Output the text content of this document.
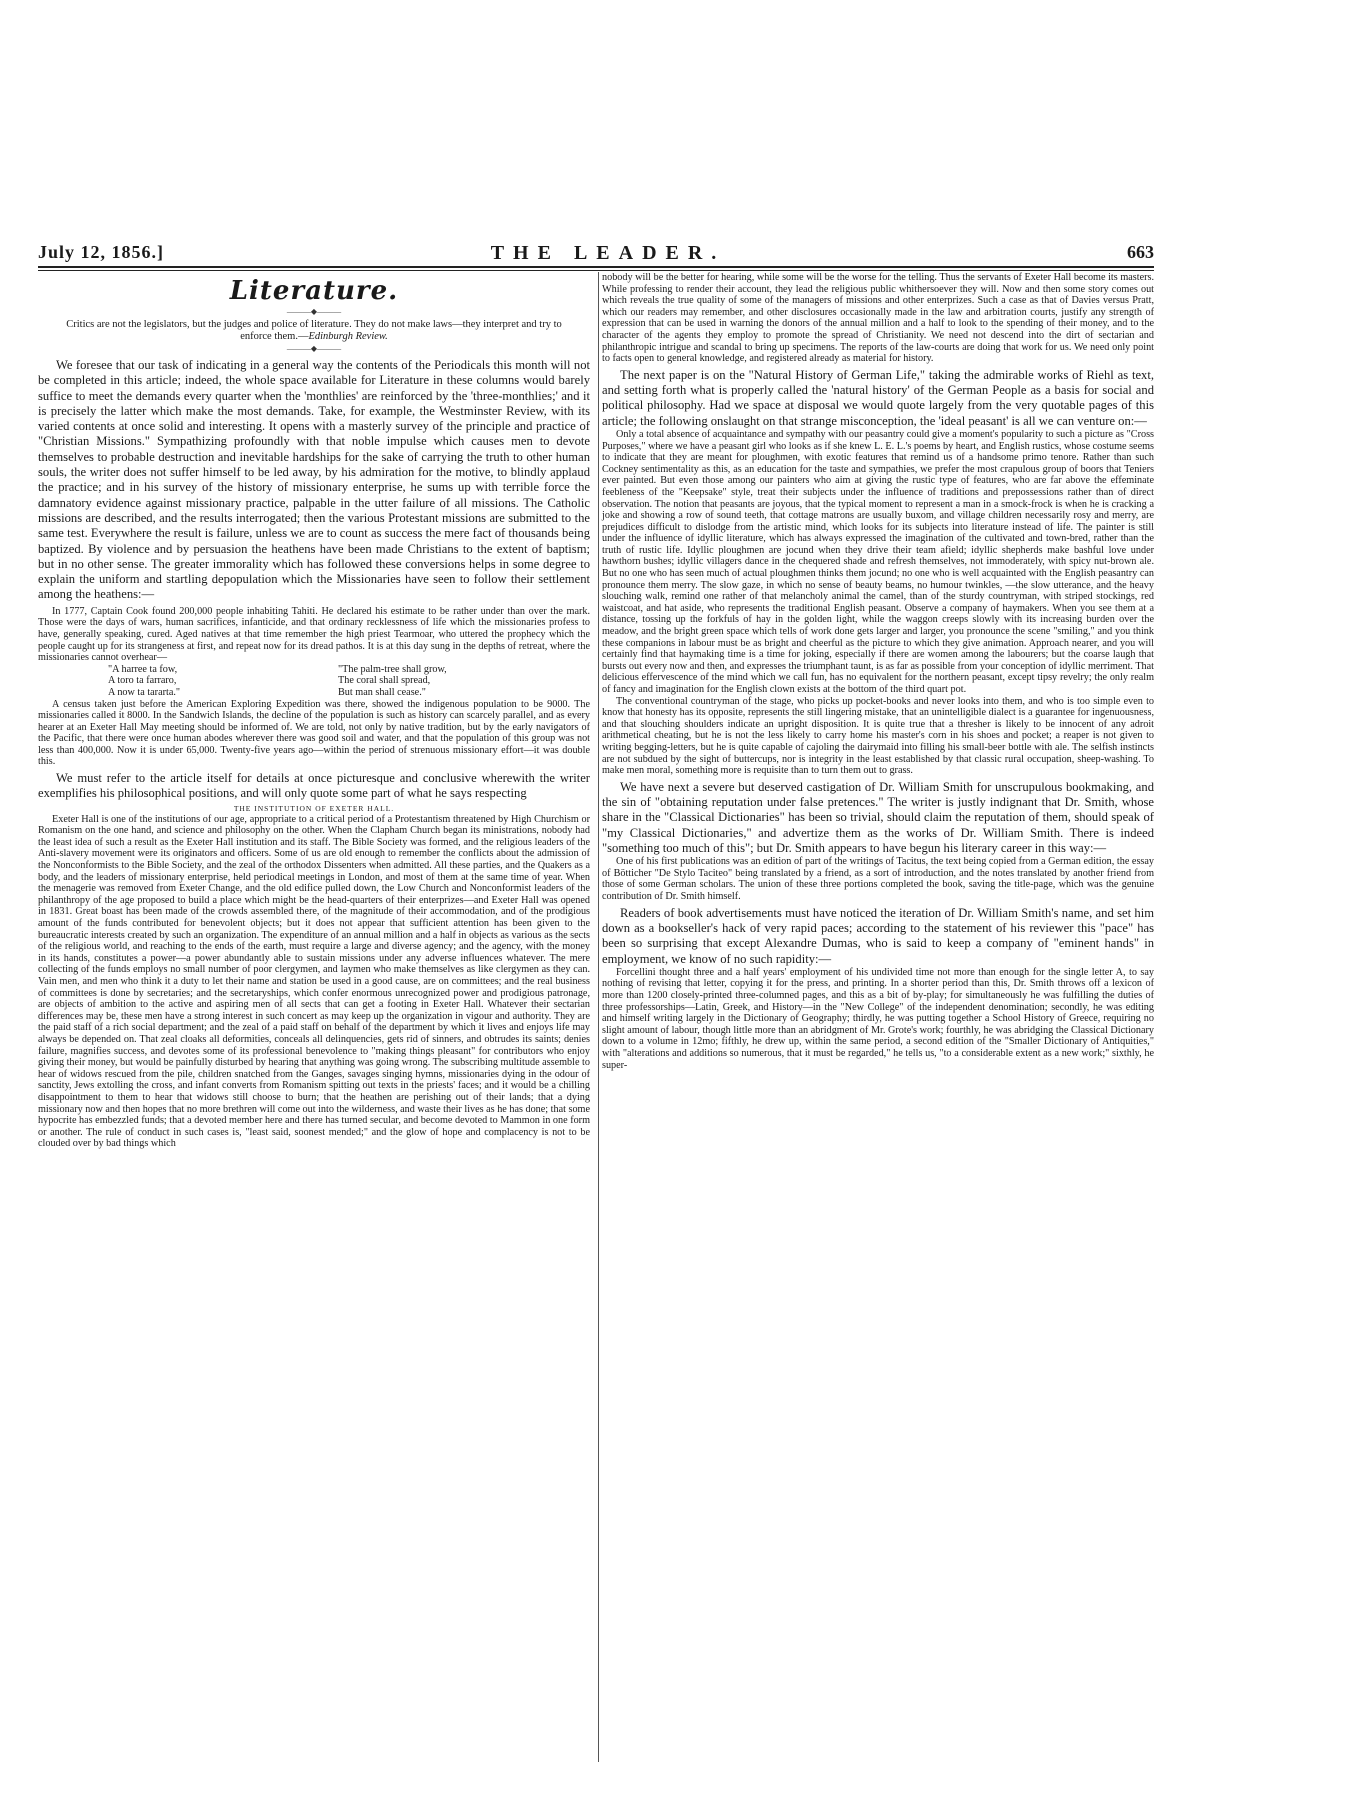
July 12, 1856.]	THE LEADER.	663
Literature.
———◆———
Critics are not the legislators, but the judges and police of literature. They do not make laws—they interpret and try to enforce them.—Edinburgh Review.
———◆———

We foresee that our task of indicating in a general way the contents of the Periodicals this month will not be completed in this article; indeed, the whole space available for Literature in these columns would barely suffice to meet the demands every quarter when the 'monthlies' are reinforced by the 'three-monthlies;' and it is precisely the latter which make the most demands. Take, for example, the Westminster Review, with its varied contents at once solid and interesting. It opens with a masterly survey of the principle and practice of "Christian Missions." Sympathizing profoundly with that noble impulse which causes men to devote themselves to probable destruction and inevitable hardships for the sake of carrying the truth to other human souls, the writer does not suffer himself to be led away, by his admiration for the motive, to blindly applaud the practice; and in his survey of the history of missionary enterprise, he sums up with terrible force the damnatory evidence against missionary practice, palpable in the utter failure of all missions. The Catholic missions are described, and the results interrogated; then the various Protestant missions are submitted to the same test. Everywhere the result is failure, unless we are to count as success the mere fact of thousands being baptized. By violence and by persuasion the heathens have been made Christians to the extent of baptism; but in no other sense. The greater immorality which has followed these conversions helps in some degree to explain the uniform and startling depopulation which the Missionaries have seen to follow their settlement among the heathens:—

In 1777, Captain Cook found 200,000 people inhabiting Tahiti. He declared his estimate to be rather under than over the mark. Those were the days of wars, human sacrifices, infanticide, and that ordinary recklessness of life which the missionaries profess to have, generally speaking, cured. Aged natives at that time remember the high priest Tearmoar, who uttered the prophecy which the people caught up for its strangeness at first, and repeat now for its dread pathos. It is at this day sung in the depths of retreat, where the missionaries cannot overhear—

"A harree ta fow,	"The palm-tree shall grow,
A toro ta farraro,	The coral shall spread,
A now ta tararta."	But man shall cease."

A census taken just before the American Exploring Expedition was there, showed the indigenous population to be 9000. The missionaries called it 8000. In the Sandwich Islands, the decline of the population is such as history can scarcely parallel, and as every hearer at an Exeter Hall May meeting should be informed of. We are told, not only by native tradition, but by the early navigators of the Pacific, that there were once human abodes wherever there was good soil and water, and that the population of this group was not less than 400,000. Now it is under 65,000. Twenty-five years ago—within the period of strenuous missionary effort—it was double this.

We must refer to the article itself for details at once picturesque and conclusive wherewith the writer exemplifies his philosophical positions, and will only quote some part of what he says respecting

THE INSTITUTION OF EXETER HALL.

Exeter Hall is one of the institutions of our age, appropriate to a critical period of a Protestantism threatened by High Churchism or Romanism on the one hand, and science and philosophy on the other. When the Clapham Church began its ministrations, nobody had the least idea of such a result as the Exeter Hall institution and its staff. The Bible Society was formed, and the religious leaders of the Anti-slavery movement were its originators and officers. Some of us are old enough to remember the conflicts about the admission of the Nonconformists to the Bible Society, and the zeal of the orthodox Dissenters when admitted. All these parties, and the Quakers as a body, and the leaders of missionary enterprise, held periodical meetings in London, and most of them at the same time of year. When the menagerie was removed from Exeter Change, and the old edifice pulled down, the Low Church and Nonconformist leaders of the philanthropy of the age proposed to build a place which might be the head-quarters of their enterprizes—and Exeter Hall was opened in 1831. Great boast has been made of the crowds assembled there, of the magnitude of their accommodation, and of the prodigious amount of the funds contributed for benevolent objects; but it does not appear that sufficient attention has been given to the bureaucratic interests created by such an organization. The expenditure of an annual million and a half in objects as various as the sects of the religious world, and reaching to the ends of the earth, must require a large and diverse agency; and the agency, with the money in its hands, constitutes a power—a power abundantly able to sustain missions under any adverse influences whatever. The mere collecting of the funds employs no small number of poor clergymen, and laymen who make themselves as like clergymen as they can. Vain men, and men who think it a duty to let their name and station be used in a good cause, are on committees; and the real business of committees is done by secretaries; and the secretaryships, which confer enormous unrecognized power and prodigious patronage, are objects of ambition to the active and aspiring men of all sects that can get a footing in Exeter Hall. Whatever their sectarian differences may be, these men have a strong interest in such concert as may keep up the organization in vigour and authority. They are the paid staff of a rich social department; and the zeal of a paid staff on behalf of the department by which it lives and enjoys life may always be depended on. That zeal cloaks all deformities, conceals all delinquencies, gets rid of sinners, and obtrudes its saints; denies failure, magnifies success, and devotes some of its professional benevolence to "making things pleasant" for contributors who enjoy giving their money, but would be painfully disturbed by hearing that anything was going wrong. The subscribing multitude assemble to hear of widows rescued from the pile, children snatched from the Ganges, savages singing hymns, missionaries dying in the odour of sanctity, Jews extolling the cross, and infant converts from Romanism spitting out texts in the priests' faces; and it would be a chilling disappointment to them to hear that widows still choose to burn; that the heathen are perishing out of their lands; that a dying missionary now and then hopes that no more brethren will come out into the wilderness, and waste their lives as he has done; that some hypocrite has embezzled funds; that a devoted member here and there has turned secular, and become devoted to Mammon in one form or another. The rule of conduct in such cases is, "least said, soonest mended;" and the glow of hope and complacency is not to be clouded over by bad things which

nobody will be the better for hearing, while some will be the worse for the telling. Thus the servants of Exeter Hall become its masters. While professing to render their account, they lead the religious public whithersoever they will. Now and then some story comes out which reveals the true quality of some of the managers of missions and other enterprizes. Such a case as that of Davies versus Pratt, which our readers may remember, and other disclosures occasionally made in the law and arbitration courts, justify any strength of expression that can be used in warning the donors of the annual million and a half to look to the spending of their money, and to the character of the agents they employ to promote the spread of Christianity. We need not descend into the dirt of sectarian and philanthropic intrigue and scandal to bring up specimens. The reports of the law-courts are doing that work for us. We need only point to facts open to general knowledge, and registered already as material for history.

The next paper is on the "Natural History of German Life," taking the admirable works of Riehl as text, and setting forth what is properly called the 'natural history' of the German People as a basis for social and political philosophy. Had we space at disposal we would quote largely from the very quotable pages of this article; the following onslaught on that strange misconception, the 'ideal peasant' is all we can venture on:—

Only a total absence of acquaintance and sympathy with our peasantry could give a moment's popularity to such a picture as "Cross Purposes," where we have a peasant girl who looks as if she knew L. E. L.'s poems by heart, and English rustics, whose costume seems to indicate that they are meant for ploughmen, with exotic features that remind us of a handsome primo tenore. Rather than such Cockney sentimentality as this, as an education for the taste and sympathies, we prefer the most crapulous group of boors that Teniers ever painted. But even those among our painters who aim at giving the rustic type of features, who are far above the effeminate feebleness of the "Keepsake" style, treat their subjects under the influence of traditions and prepossessions rather than of direct observation. The notion that peasants are joyous, that the typical moment to represent a man in a smock-frock is when he is cracking a joke and showing a row of sound teeth, that cottage matrons are usually buxom, and village children necessarily rosy and merry, are prejudices difficult to dislodge from the artistic mind, which looks for its subjects into literature instead of life. The painter is still under the influence of idyllic literature, which has always expressed the imagination of the cultivated and town-bred, rather than the truth of rustic life. Idyllic ploughmen are jocund when they drive their team afield; idyllic shepherds make bashful love under hawthorn bushes; idyllic villagers dance in the chequered shade and refresh themselves, not immoderately, with spicy nut-brown ale. But no one who has seen much of actual ploughmen thinks them jocund; no one who is well acquainted with the English peasantry can pronounce them merry. The slow gaze, in which no sense of beauty beams, no humour twinkles, —the slow utterance, and the heavy slouching walk, remind one rather of that melancholy animal the camel, than of the sturdy countryman, with striped stockings, red waistcoat, and hat aside, who represents the traditional English peasant. Observe a company of haymakers. When you see them at a distance, tossing up the forkfuls of hay in the golden light, while the waggon creeps slowly with its increasing burden over the meadow, and the bright green space which tells of work done gets larger and larger, you pronounce the scene "smiling," and you think these companions in labour must be as bright and cheerful as the picture to which they give animation. Approach nearer, and you will certainly find that haymaking time is a time for joking, especially if there are women among the labourers; but the coarse laugh that bursts out every now and then, and expresses the triumphant taunt, is as far as possible from your conception of idyllic merriment. That delicious effervescence of the mind which we call fun, has no equivalent for the northern peasant, except tipsy revelry; the only realm of fancy and imagination for the English clown exists at the bottom of the third quart pot.

The conventional countryman of the stage, who picks up pocket-books and never looks into them, and who is too simple even to know that honesty has its opposite, represents the still lingering mistake, that an unintelligible dialect is a guarantee for ingenuousness, and that slouching shoulders indicate an upright disposition. It is quite true that a thresher is likely to be innocent of any adroit arithmetical cheating, but he is not the less likely to carry home his master's corn in his shoes and pocket; a reaper is not given to writing begging-letters, but he is quite capable of cajoling the dairymaid into filling his small-beer bottle with ale. The selfish instincts are not subdued by the sight of buttercups, nor is integrity in the least established by that classic rural occupation, sheep-washing. To make men moral, something more is requisite than to turn them out to grass.

We have next a severe but deserved castigation of Dr. William Smith for unscrupulous bookmaking, and the sin of "obtaining reputation under false pretences." The writer is justly indignant that Dr. Smith, whose share in the "Classical Dictionaries" has been so trivial, should claim the reputation of them, should speak of "my Classical Dictionaries," and advertize them as the works of Dr. William Smith. There is indeed "something too much of this"; but Dr. Smith appears to have begun his literary career in this way:—

One of his first publications was an edition of part of the writings of Tacitus, the text being copied from a German edition, the essay of Bötticher "De Stylo Taciteo" being translated by a friend, as a sort of introduction, and the notes translated by another friend from those of some German scholars. The union of these three portions completed the book, saving the title-page, which was the genuine contribution of Dr. Smith himself.

Readers of book advertisements must have noticed the iteration of Dr. William Smith's name, and set him down as a bookseller's hack of very rapid paces; according to the statement of his reviewer this "pace" has been so surprising that except Alexandre Dumas, who is said to keep a company of "eminent hands" in employment, we know of no such rapidity:—

Forcellini thought three and a half years' employment of his undivided time not more than enough for the single letter A, to say nothing of revising that letter, copying it for the press, and printing. In a shorter period than this, Dr. Smith throws off a lexicon of more than 1200 closely-printed three-columned pages, and this as a bit of by-play; for simultaneously he was fulfilling the duties of three professorships—Latin, Greek, and History—in the "New College" of the independent denomination; secondly, he was editing and himself writing largely in the Dictionary of Geography; thirdly, he was putting together a School History of Greece, requiring no slight amount of labour, though little more than an abridgment of Mr. Grote's work; fourthly, he was abridging the Classical Dictionary down to a volume in 12mo; fifthly, he drew up, within the same period, a second edition of the "Smaller Dictionary of Antiquities," with "alterations and additions so numerous, that it must be regarded," he tells us, "to a considerable extent as a new work;" sixthly, he super-
